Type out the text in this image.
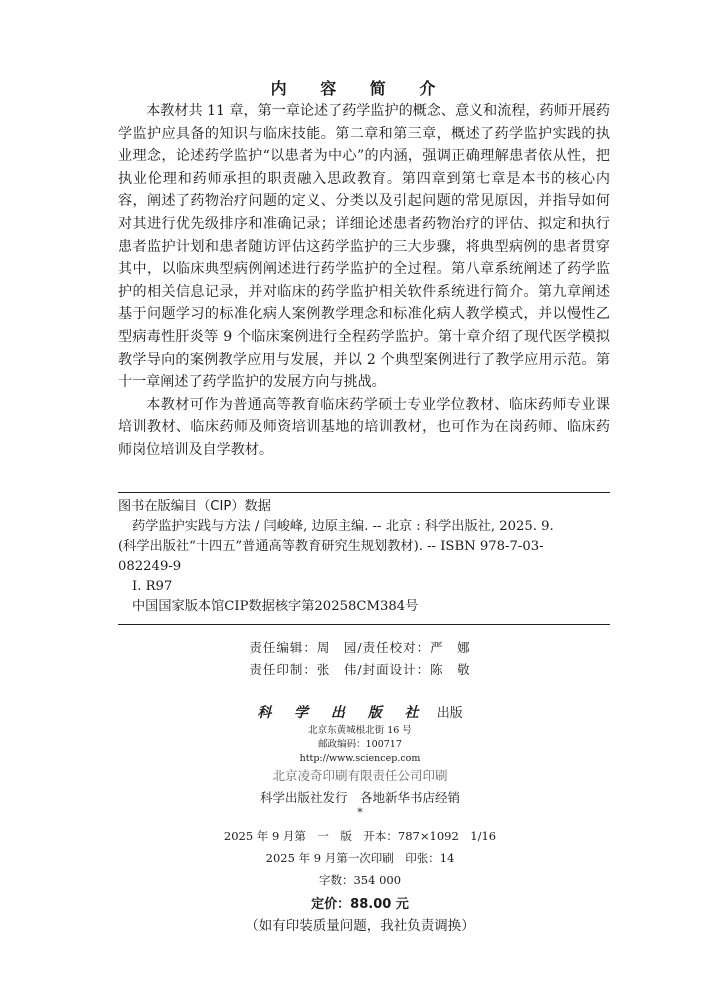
内 容 简 介

本教材共 11 章，第一章论述了药学监护的概念、意义和流程，药师开展药学监护应具备的知识与临床技能。第二章和第三章，概述了药学监护实践的执业理念，论述药学监护“以患者为中心”的内涵，强调正确理解患者依从性，把执业伦理和药师承担的职责融入思政教育。第四章到第七章是本书的核心内容，阐述了药物治疗问题的定义、分类以及引起问题的常见原因，并指导如何对其进行优先级排序和准确记录；详细论述患者药物治疗的评估、拟定和执行患者监护计划和患者随访评估这药学监护的三大步骤，将典型病例的患者贯穿其中，以临床典型病例阐述进行药学监护的全过程。第八章系统阐述了药学监护的相关信息记录，并对临床的药学监护相关软件系统进行简介。第九章阐述基于问题学习的标准化病人案例教学理念和标准化病人教学模式，并以慢性乙型病毒性肝炎等 9 个临床案例进行全程药学监护。第十章介绍了现代医学模拟教学导向的案例教学应用与发展，并以 2 个典型案例进行了教学应用示范。第十一章阐述了药学监护的发展方向与挑战。

本教材可作为普通高等教育临床药学硕士专业学位教材、临床药师专业课培训教材、临床药师及师资培训基地的培训教材，也可作为在岗药师、临床药师岗位培训及自学教材。

图书在版编目（CIP）数据
药学监护实践与方法 / 闫峻峰, 边原主编. -- 北京 : 科学出版社, 2025. 9.
(科学出版社“十四五”普通高等教育研究生规划教材). -- ISBN 978-7-03-
082249-9
Ⅰ. R97
中国国家版本馆CIP数据核字第20258CM384号
责任编辑：周　园/责任校对：严　娜
责任印制：张　伟/封面设计：陈　敬
科 学 出 版 社 出版
北京东黄城根北街 16 号
邮政编码：100717
http://www.sciencep.com
北京凌奇印刷有限责任公司印刷
科学出版社发行　各地新华书店经销
*
2025 年 9 月第　一　版　开本：787×1092　1/16
2025 年 9 月第一次印刷　印张：14
字数：354 000
定价：88.00 元
（如有印装质量问题，我社负责调换）
